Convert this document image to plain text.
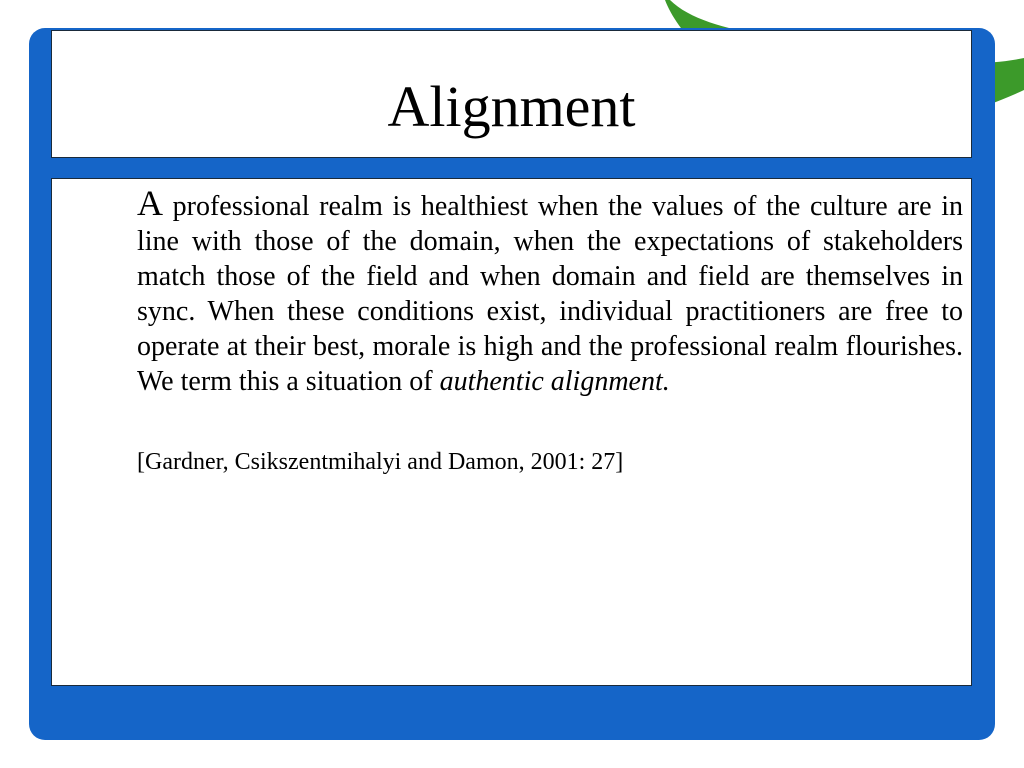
Alignment

A professional realm is healthiest when the values of the culture are in line with those of the domain, when the expectations of stakeholders match those of the field and when domain and field are themselves in sync. When these conditions exist, individual practitioners are free to operate at their best, morale is high and the professional realm flourishes. We term this a situation of authentic alignment.

[Gardner, Csikszentmihalyi and Damon, 2001: 27]
